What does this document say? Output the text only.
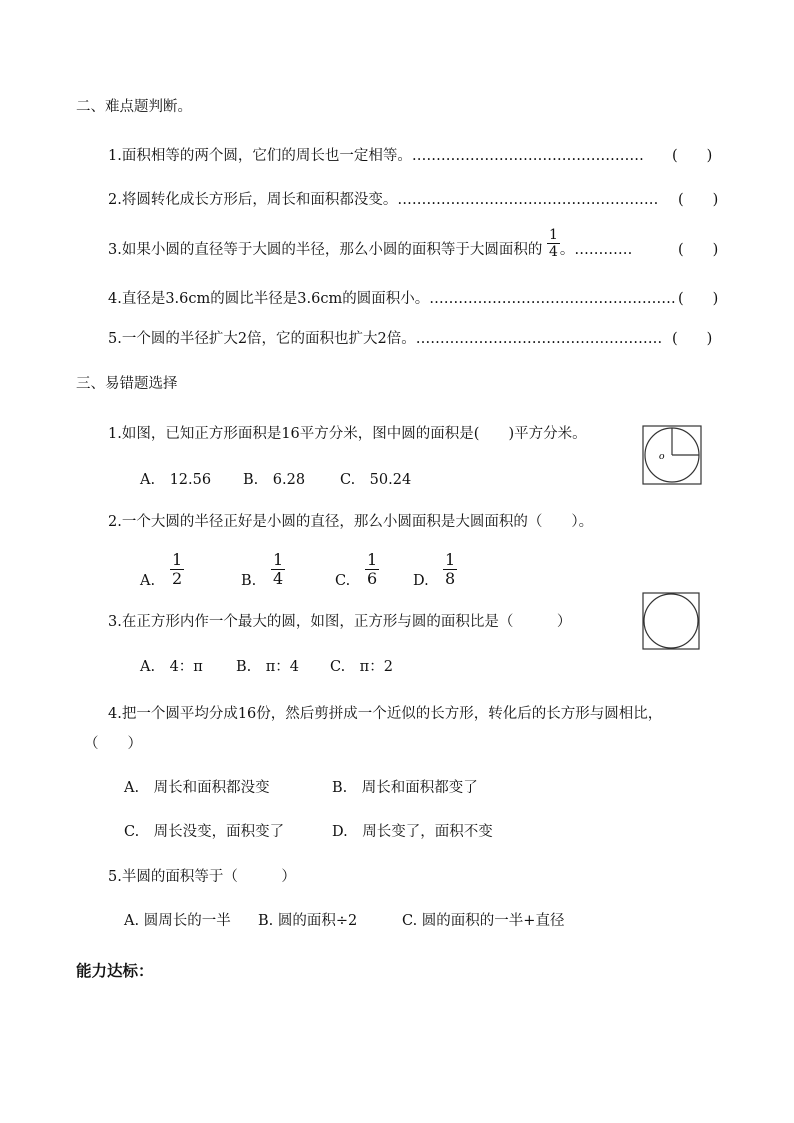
二、难点题判断。
1.面积相等的两个圆，它们的周长也一定相等。………………………………………… (　　)
2.将圆转化成长方形后，周长和面积都没变。……………………………………………… (　　)
3.如果小圆的直径等于大圆的半径，那么小圆的面积等于大圆面积的 $\frac{1}{4}$ 。…………	(　　)
4.直径是3.6cm的圆比半径是3.6cm的圆面积小。…………………………………………… (　　)
5.一个圆的半径扩大2倍，它的面积也扩大2倍。…………………………………………… (　　)
三、易错题选择
1.如图，已知正方形面积是16平方分米，图中圆的面积是(　　)平方分米。
o
A.　12.56 B.　6.28 C.　50.24
2.一个大圆的半径正好是小圆的直径，那么小圆面积是大圆面积的（　　）。
A.
1
2	B.
1
4	C.
1
6 D.
1
8
3.在正方形内作一个最大的圆，如图，正方形与圆的面积比是（　　　）
A.　4：π B.　π：4 C.　π：2
4.把一个圆平均分成16份，然后剪拼成一个近似的长方形，转化后的长方形与圆相比，
（　　）
A.　周长和面积都没变	B.　周长和面积都变了
C.　周长没变，面积变了	D.　周长变了，面积不变
5.半圆的面积等于（　　　）
A. 圆周长的一半 B. 圆的面积÷2	C. 圆的面积的一半+直径
能力达标：
